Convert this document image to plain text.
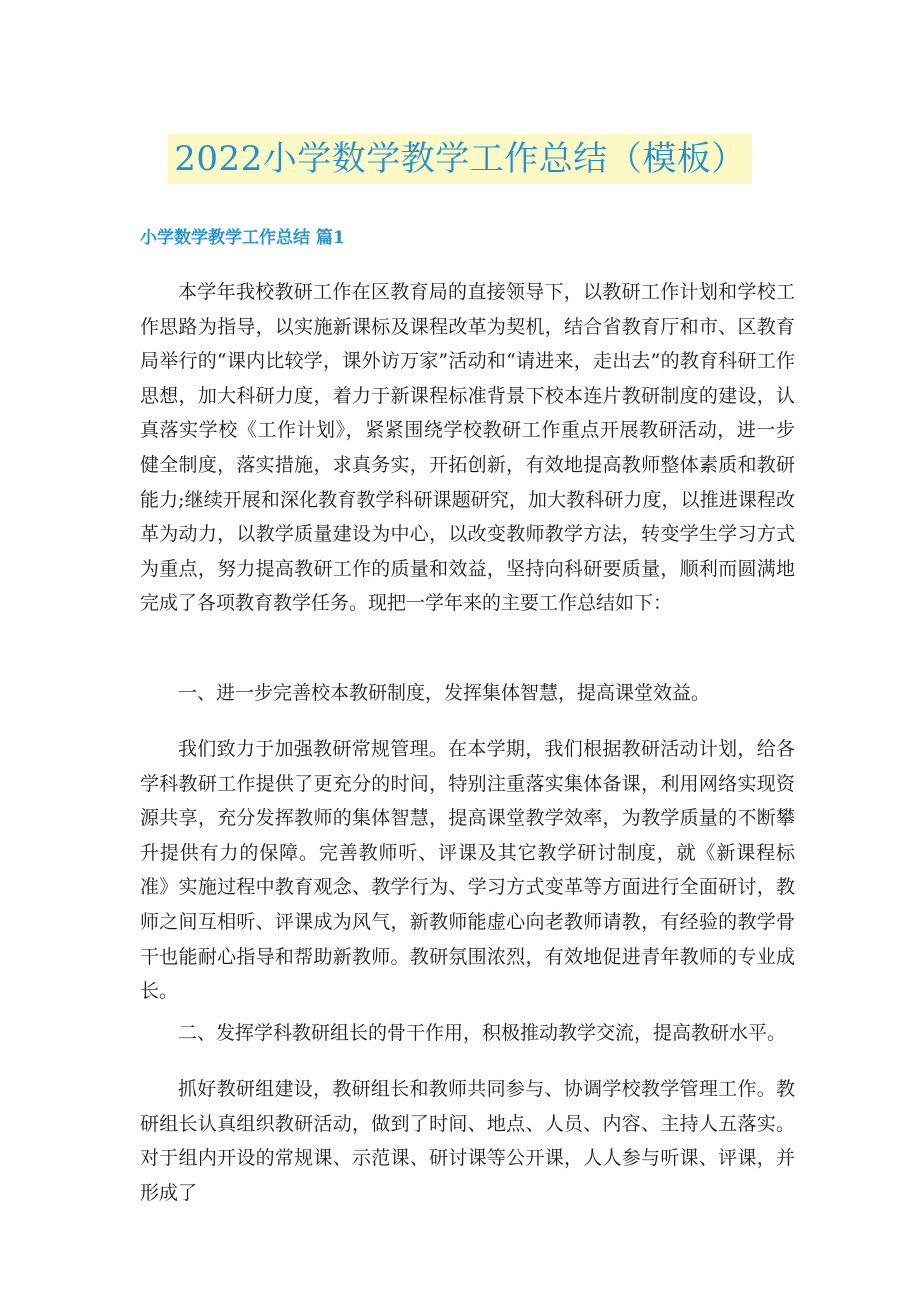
2022小学数学教学工作总结（模板）
小学数学教学工作总结 篇1

本学年我校教研工作在区教育局的直接领导下，以教研工作计划和学校工作思路为指导，以实施新课标及课程改革为契机，结合省教育厅和市、区教育局举行的“课内比较学，课外访万家”活动和“请进来，走出去”的教育科研工作思想，加大科研力度，着力于新课程标准背景下校本连片教研制度的建设，认真落实学校《工作计划》，紧紧围绕学校教研工作重点开展教研活动，进一步健全制度，落实措施，求真务实，开拓创新，有效地提高教师整体素质和教研能力;继续开展和深化教育教学科研课题研究，加大教科研力度，以推进课程改革为动力，以教学质量建设为中心，以改变教师教学方法，转变学生学习方式为重点，努力提高教研工作的质量和效益，坚持向科研要质量，顺利而圆满地完成了各项教育教学任务。现把一学年来的主要工作总结如下：

一、进一步完善校本教研制度，发挥集体智慧，提高课堂效益。

我们致力于加强教研常规管理。在本学期，我们根据教研活动计划，给各学科教研工作提供了更充分的时间，特别注重落实集体备课，利用网络实现资源共享，充分发挥教师的集体智慧，提高课堂教学效率，为教学质量的不断攀升提供有力的保障。完善教师听、评课及其它教学研讨制度，就《新课程标准》实施过程中教育观念、教学行为、学习方式变革等方面进行全面研讨，教师之间互相听、评课成为风气，新教师能虚心向老教师请教，有经验的教学骨干也能耐心指导和帮助新教师。教研氛围浓烈，有效地促进青年教师的专业成长。

二、发挥学科教研组长的骨干作用，积极推动教学交流，提高教研水平。

抓好教研组建设，教研组长和教师共同参与、协调学校教学管理工作。教研组长认真组织教研活动，做到了时间、地点、人员、内容、主持人五落实。对于组内开设的常规课、示范课、研讨课等公开课，人人参与听课、评课，并形成了
